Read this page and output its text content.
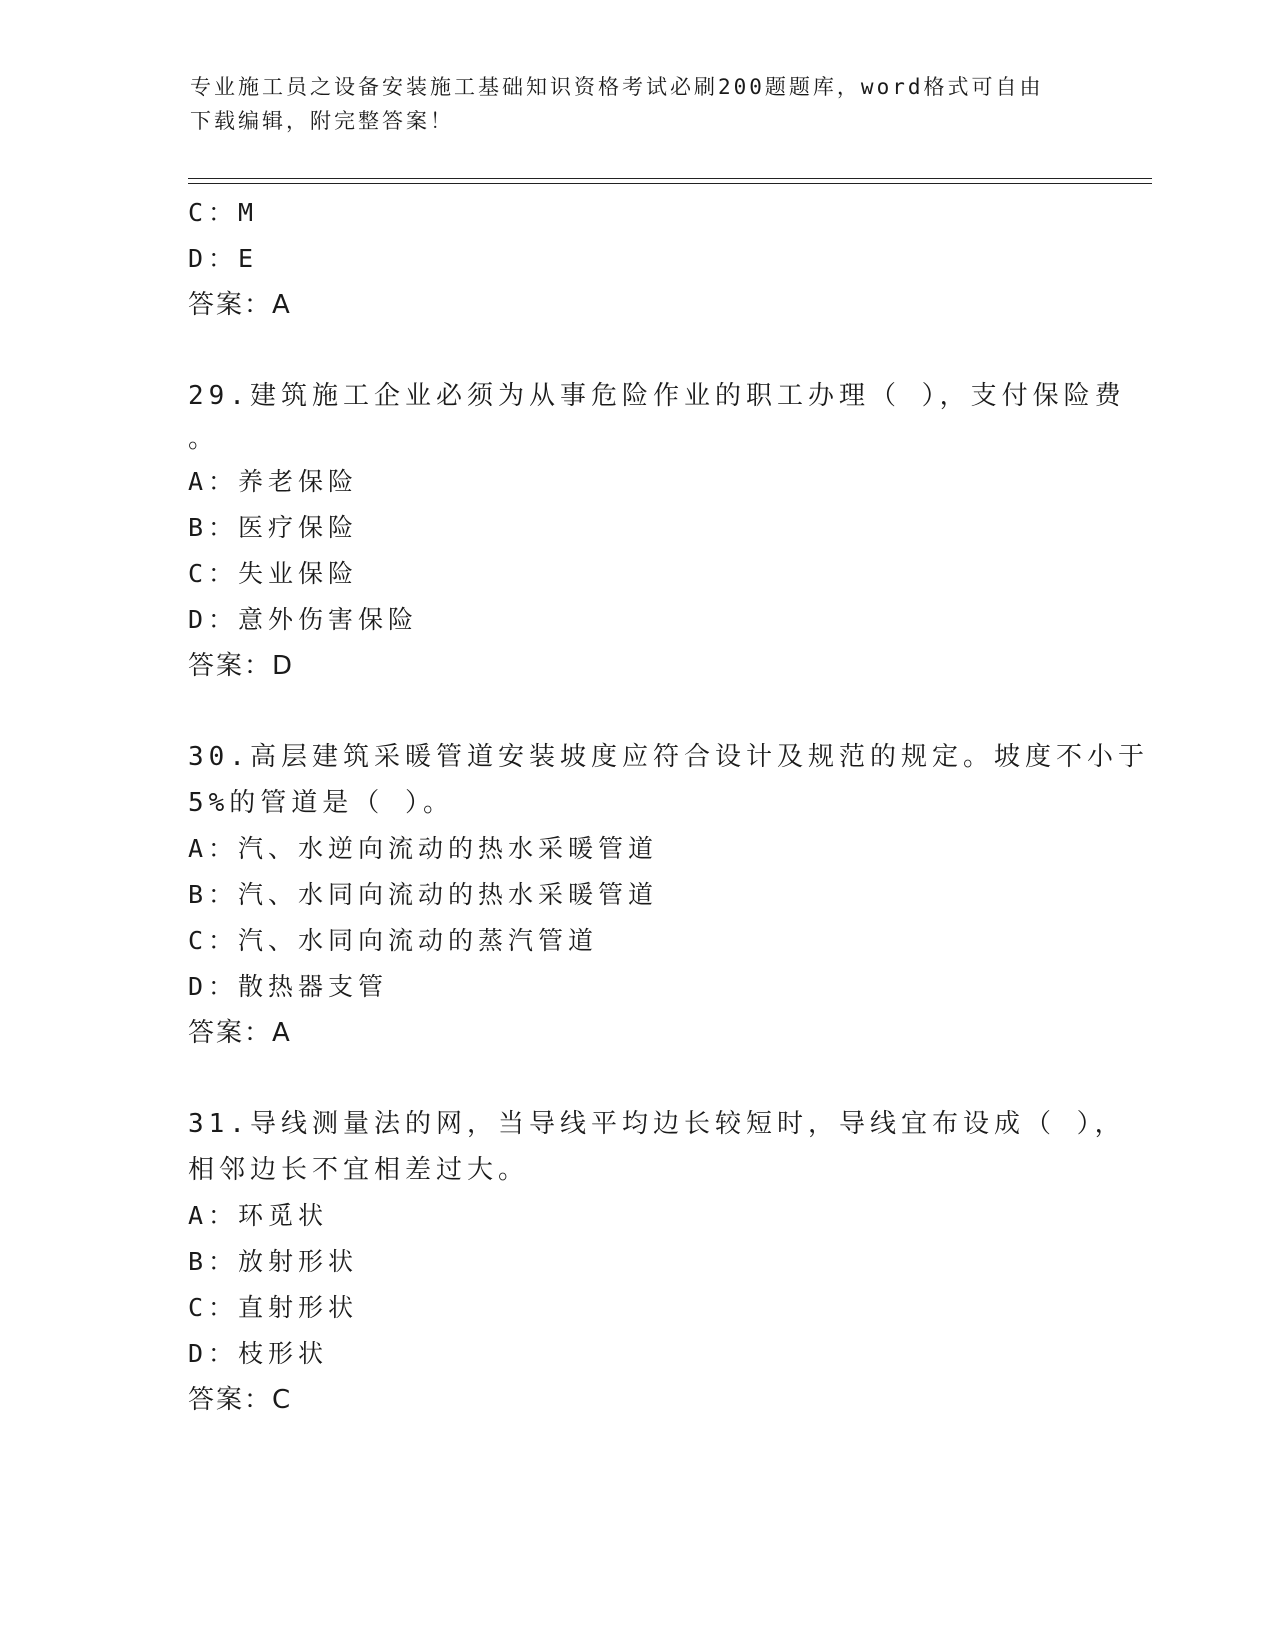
专业施工员之设备安装施工基础知识资格考试必刷200题题库，word格式可自由
下载编辑，附完整答案！
C：M
D：E
答案：A
29.建筑施工企业必须为从事危险作业的职工办理（ ），支付保险费
。
A：养老保险
B：医疗保险
C：失业保险
D：意外伤害保险
答案：D
30.高层建筑采暖管道安装坡度应符合设计及规范的规定。坡度不小于
5%的管道是（ ）。
A：汽、水逆向流动的热水采暖管道
B：汽、水同向流动的热水采暖管道
C：汽、水同向流动的蒸汽管道
D：散热器支管
答案：A
31.导线测量法的网，当导线平均边长较短时，导线宜布设成（ ），
相邻边长不宜相差过大。
A：环觅状
B：放射形状
C：直射形状
D：枝形状
答案：C
